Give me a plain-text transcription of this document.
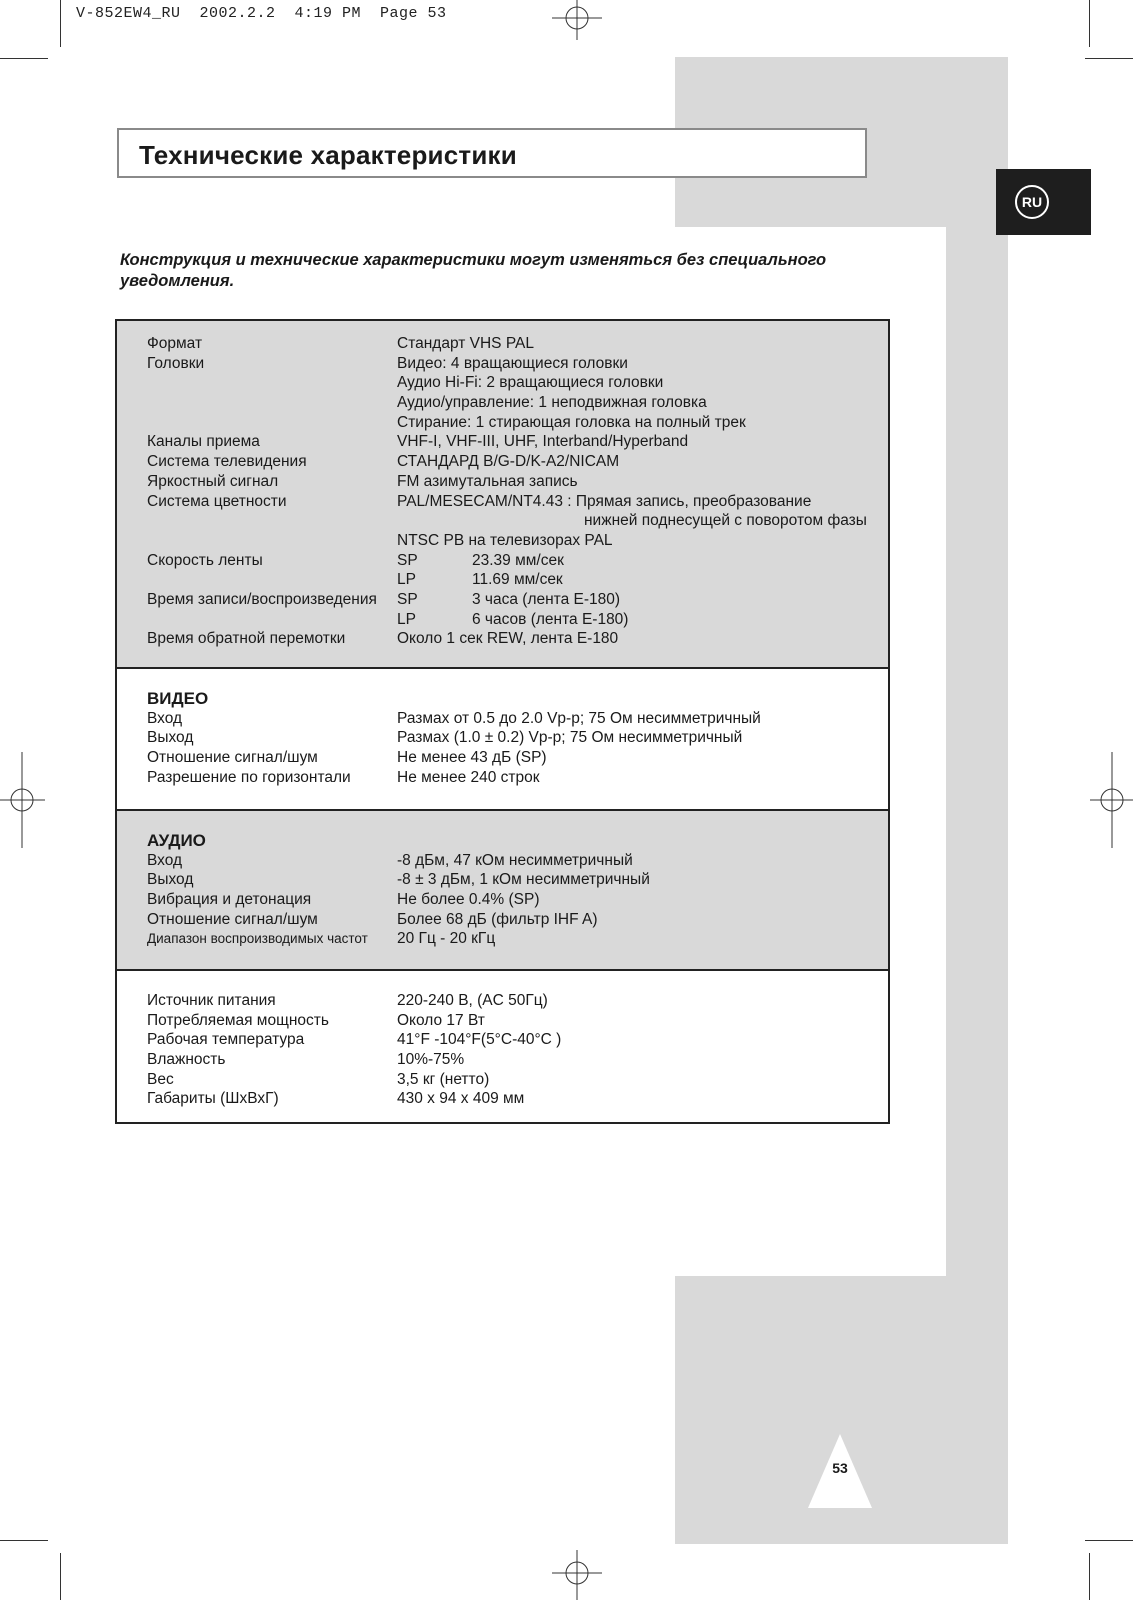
V-852EW4_RU  2002.2.2  4:19 PM  Page 53
RU
Технические характеристики
Конструкция и технические характеристики могут изменяться без специального уведомления.
Формат	Стандарт VHS PAL
Головки	Видео: 4 вращающиеся головки
Аудио Hi-Fi: 2 вращающиеся головки
Аудио/управление: 1 неподвижная головка
Стирание: 1 стирающая головка на полный трек
Каналы приема	VHF-I, VHF-III, UHF, Interband/Hyperband
Система телевидения	СТАНДАРД B/G-D/K-A2/NICAM
Яркостный сигнал	FM азимутальная запись
Система цветности	PAL/MESECAM/NT4.43 : Прямая запись, преобразование
нижней поднесущей с поворотом фазы
NTSC PB на телевизорах PAL
Скорость ленты	SP	23.39 мм/сек
LP	11.69 мм/сек
Время записи/воспроизведения SP	3 часа (лента E-180)
LP	6 часов (лента E-180)
Время обратной перемотки	Около 1 сек REW, лента E-180
ВИДЕО
Вход	Размах от 0.5 до 2.0 Vp-p; 75 Ом несимметричный
Выход	Размах (1.0 ± 0.2) Vp-p; 75 Ом несимметричный
Отношение сигнал/шум	Не менее 43 дБ (SP)
Разрешение по горизонтали	Не менее 240 строк
АУДИО
Вход	-8 дБм, 47 кОм несимметричный
Выход	-8 ± 3 дБм, 1 кОм несимметричный
Вибрация и детонация	Не более 0.4% (SP)
Отношение сигнал/шум	Более 68 дБ (фильтр IHF A)
Диапазон воспроизводимых частот 20 Гц - 20 кГц
Источник питания	220-240 В, (AC 50Гц)
Потребляемая мощность	Около 17 Вт
Рабочая температура	41°F -104°F(5°C-40°C )
Влажность	10%-75%
Вес	3,5 кг (нетто)
Габариты (ШхВхГ)	430 x 94 x 409 мм
53
